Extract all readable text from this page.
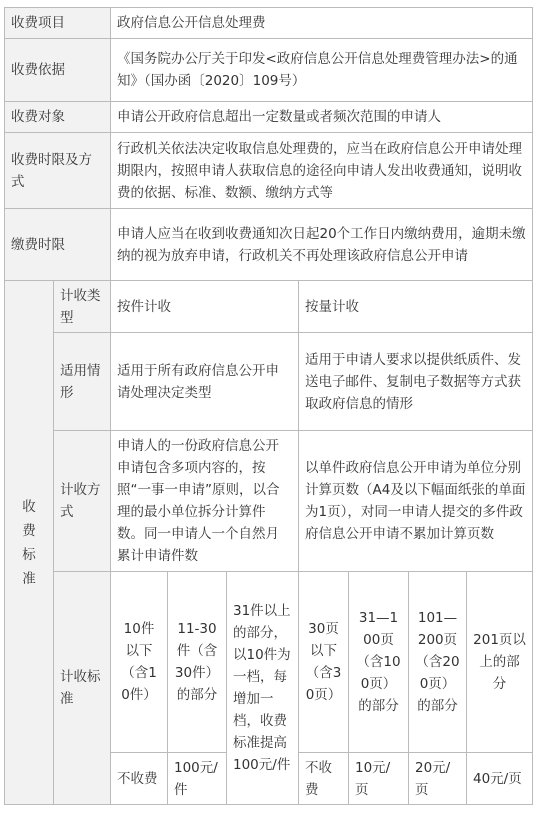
收费项目		政府信息公开信息处理费						
收费依据		《国务院办公厅关于印发<政府信息公开信息处理费管理办法>的通知》（国办函〔2020〕109号）						
收费对象		申请公开政府信息超出一定数量或者频次范围的申请人						
收费时限及方式		行政机关依法决定收取信息处理费的，应当在政府信息公开申请处理期限内，按照申请人获取信息的途径向申请人发出收费通知，说明收费的依据、标准、数额、缴纳方式等						
缴费时限		申请人应当在收到收费通知次日起20个工作日内缴纳费用，逾期未缴纳的视为放弃申请，行政机关不再处理该政府信息公开申请						
收费标准	计收类型	按件计收			按量计收			
	适用情形	适用于所有政府信息公开申请处理决定类型			适用于申请人要求以提供纸质件、发送电子邮件、复制电子数据等方式获取政府信息的情形			
	计收方式	申请人的一份政府信息公开申请包含多项内容的，按照“一事一申请”原则，以合理的最小单位拆分计算件数。同一申请人一个自然月累计申请件数			以单件政府信息公开申请为单位分别计算页数（A4及以下幅面纸张的单面为1页），对同一申请人提交的多件政府信息公开申请不累加计算页数			
	计收标准	10件以下（含10件）	11-30件（含30件）的部分	31件以上的部分，以10件为一档，每增加一档，收费标准提高100元/件	30页以下（含30页）	31—100页（含100页）的部分	101—200页（含200页）的部分	201页以上的部分
		不收费	100元/件		不收费	10元/页	20元/页	40元/页
